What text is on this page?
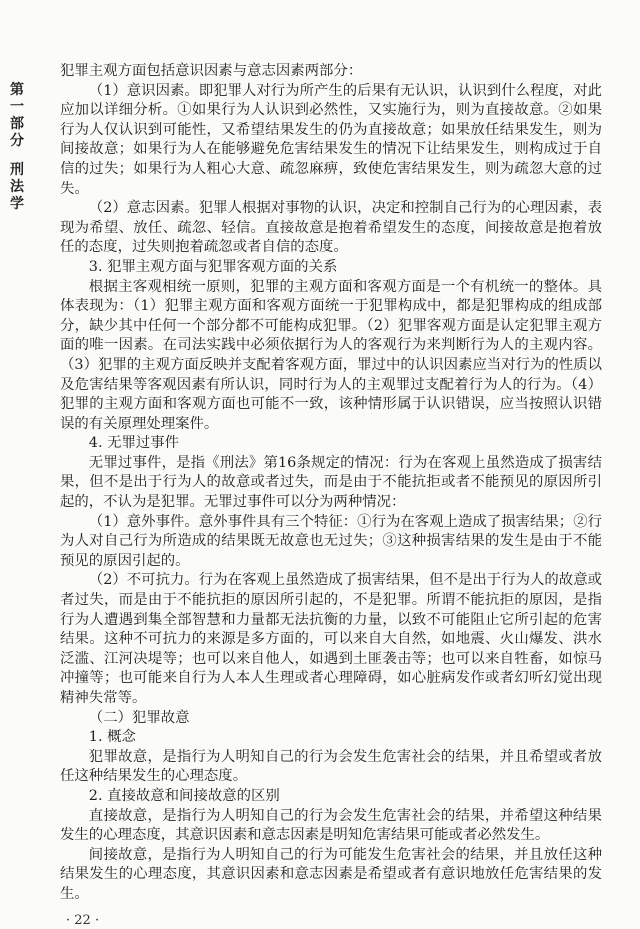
第一部分
刑法学

犯罪主观方面包括意识因素与意志因素两部分：

（1）意识因素。即犯罪人对行为所产生的后果有无认识，认识到什么程度，对此应加以详细分析。①如果行为人认识到必然性，又实施行为，则为直接故意。②如果行为人仅认识到可能性，又希望结果发生的仍为直接故意；如果放任结果发生，则为间接故意；如果行为人在能够避免危害结果发生的情况下让结果发生，则构成过于自信的过失；如果行为人粗心大意、疏忽麻痹，致使危害结果发生，则为疏忽大意的过失。

（2）意志因素。犯罪人根据对事物的认识，决定和控制自己行为的心理因素，表现为希望、放任、疏忽、轻信。直接故意是抱着希望发生的态度，间接故意是抱着放任的态度，过失则抱着疏忽或者自信的态度。

3. 犯罪主观方面与犯罪客观方面的关系

根据主客观相统一原则，犯罪的主观方面和客观方面是一个有机统一的整体。具体表现为：（1）犯罪主观方面和客观方面统一于犯罪构成中，都是犯罪构成的组成部分，缺少其中任何一个部分都不可能构成犯罪。（2）犯罪客观方面是认定犯罪主观方面的唯一因素。在司法实践中必须依据行为人的客观行为来判断行为人的主观内容。（3）犯罪的主观方面反映并支配着客观方面，罪过中的认识因素应当对行为的性质以及危害结果等客观因素有所认识，同时行为人的主观罪过支配着行为人的行为。（4）犯罪的主观方面和客观方面也可能不一致，该种情形属于认识错误，应当按照认识错误的有关原理处理案件。

4. 无罪过事件

无罪过事件，是指《刑法》第16条规定的情况：行为在客观上虽然造成了损害结果，但不是出于行为人的故意或者过失，而是由于不能抗拒或者不能预见的原因所引起的，不认为是犯罪。无罪过事件可以分为两种情况：

（1）意外事件。意外事件具有三个特征：①行为在客观上造成了损害结果；②行为人对自己行为所造成的结果既无故意也无过失；③这种损害结果的发生是由于不能预见的原因引起的。

（2）不可抗力。行为在客观上虽然造成了损害结果，但不是出于行为人的故意或者过失，而是由于不能抗拒的原因所引起的，不是犯罪。所谓不能抗拒的原因，是指行为人遭遇到集全部智慧和力量都无法抗衡的力量，以致不可能阻止它所引起的危害结果。这种不可抗力的来源是多方面的，可以来自大自然，如地震、火山爆发、洪水泛滥、江河决堤等；也可以来自他人，如遇到土匪袭击等；也可以来自牲畜，如惊马冲撞等；也可能来自行为人本人生理或者心理障碍，如心脏病发作或者幻听幻觉出现精神失常等。

（二）犯罪故意

1. 概念

犯罪故意，是指行为人明知自己的行为会发生危害社会的结果，并且希望或者放任这种结果发生的心理态度。

2. 直接故意和间接故意的区别

直接故意，是指行为人明知自己的行为会发生危害社会的结果，并希望这种结果发生的心理态度，其意识因素和意志因素是明知危害结果可能或者必然发生。

间接故意，是指行为人明知自己的行为可能发生危害社会的结果，并且放任这种结果发生的心理态度，其意识因素和意志因素是希望或者有意识地放任危害结果的发生。

· 22 ·
